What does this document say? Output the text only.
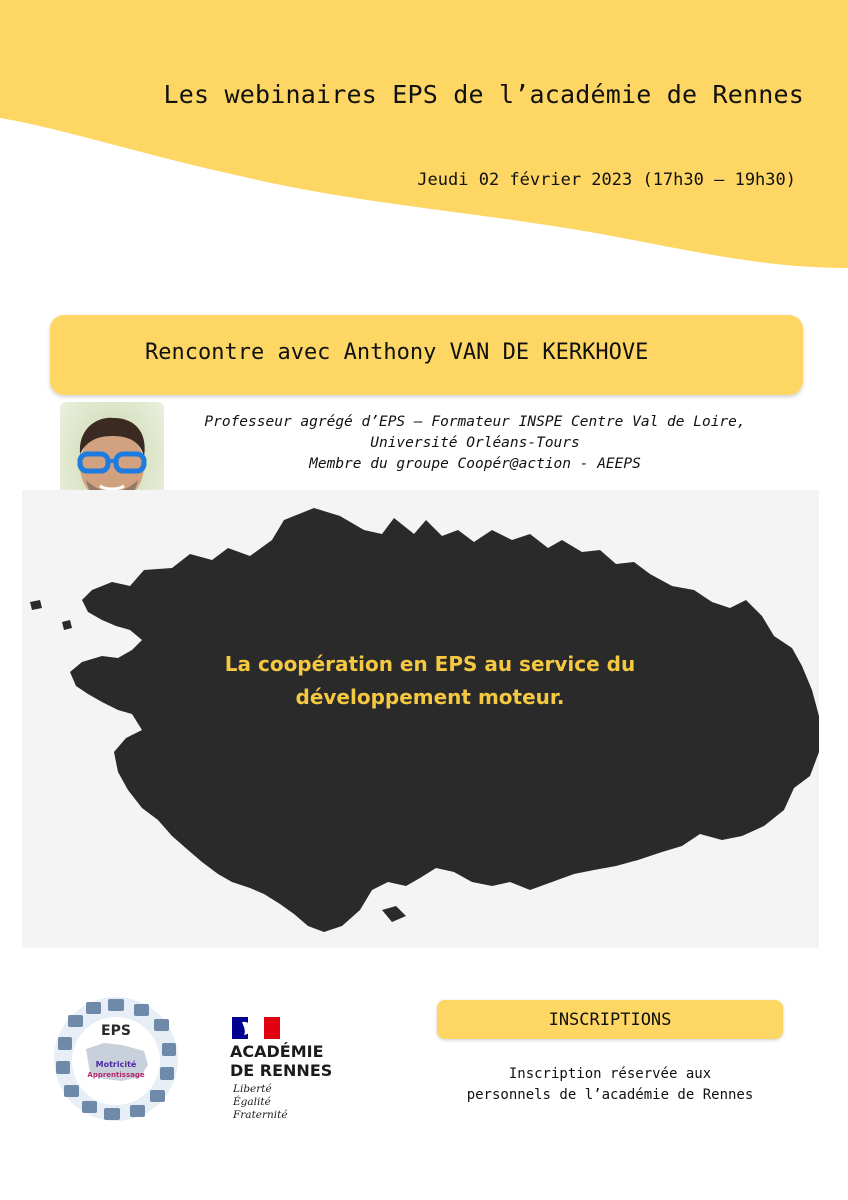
Les webinaires EPS de l’académie de Rennes
Jeudi 02 février 2023 (17h30 – 19h30)
Rencontre avec Anthony VAN DE KERKHOVE
Professeur agrégé d’EPS – Formateur INSPE Centre Val de Loire,
Université Orléans-Tours
Membre du groupe Coopér@action - AEEPS
La coopération en EPS au service du
développement moteur.
EPS
Motricité
Apprentissage
ACADÉMIE
DE RENNES
Liberté
Égalité
Fraternité
INSCRIPTIONS
Inscription réservée aux
personnels de l’académie de Rennes
